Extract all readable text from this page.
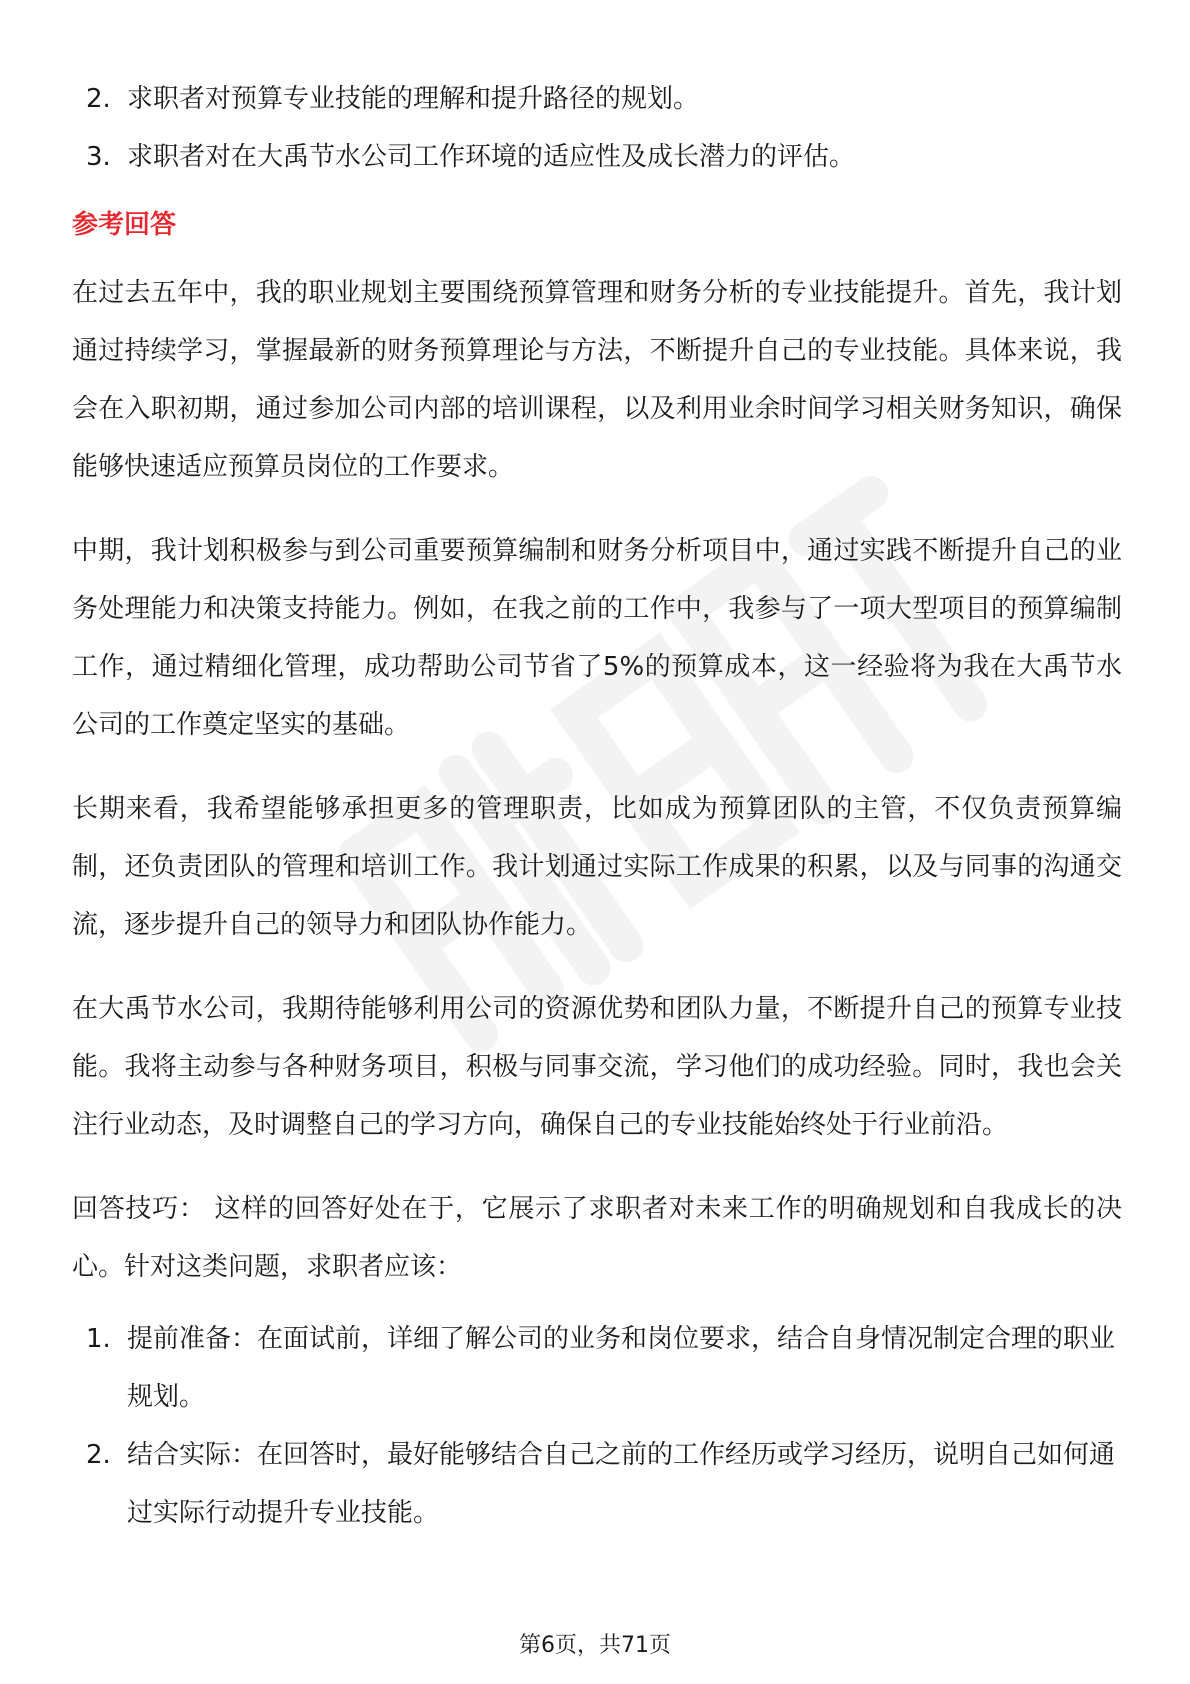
2. 求职者对预算专业技能的理解和提升路径的规划。
3. 求职者对在大禹节水公司工作环境的适应性及成长潜力的评估。
参考回答

在过去五年中，我的职业规划主要围绕预算管理和财务分析的专业技能提升。首先，我计划通过持续学习，掌握最新的财务预算理论与方法，不断提升自己的专业技能。具体来说，我会在入职初期，通过参加公司内部的培训课程，以及利用业余时间学习相关财务知识，确保能够快速适应预算员岗位的工作要求。

中期，我计划积极参与到公司重要预算编制和财务分析项目中，通过实践不断提升自己的业务处理能力和决策支持能力。例如，在我之前的工作中，我参与了一项大型项目的预算编制工作，通过精细化管理，成功帮助公司节省了5%的预算成本，这一经验将为我在大禹节水公司的工作奠定坚实的基础。

长期来看，我希望能够承担更多的管理职责，比如成为预算团队的主管，不仅负责预算编制，还负责团队的管理和培训工作。我计划通过实际工作成果的积累，以及与同事的沟通交流，逐步提升自己的领导力和团队协作能力。

在大禹节水公司，我期待能够利用公司的资源优势和团队力量，不断提升自己的预算专业技能。我将主动参与各种财务项目，积极与同事交流，学习他们的成功经验。同时，我也会关注行业动态，及时调整自己的学习方向，确保自己的专业技能始终处于行业前沿。

回答技巧： 这样的回答好处在于，它展示了求职者对未来工作的明确规划和自我成长的决心。针对这类问题，求职者应该：

1. 提前准备：在面试前，详细了解公司的业务和岗位要求，结合自身情况制定合理的职业规划。
2. 结合实际：在回答时，最好能够结合自己之前的工作经历或学习经历，说明自己如何通过实际行动提升专业技能。
第6页，共71页
